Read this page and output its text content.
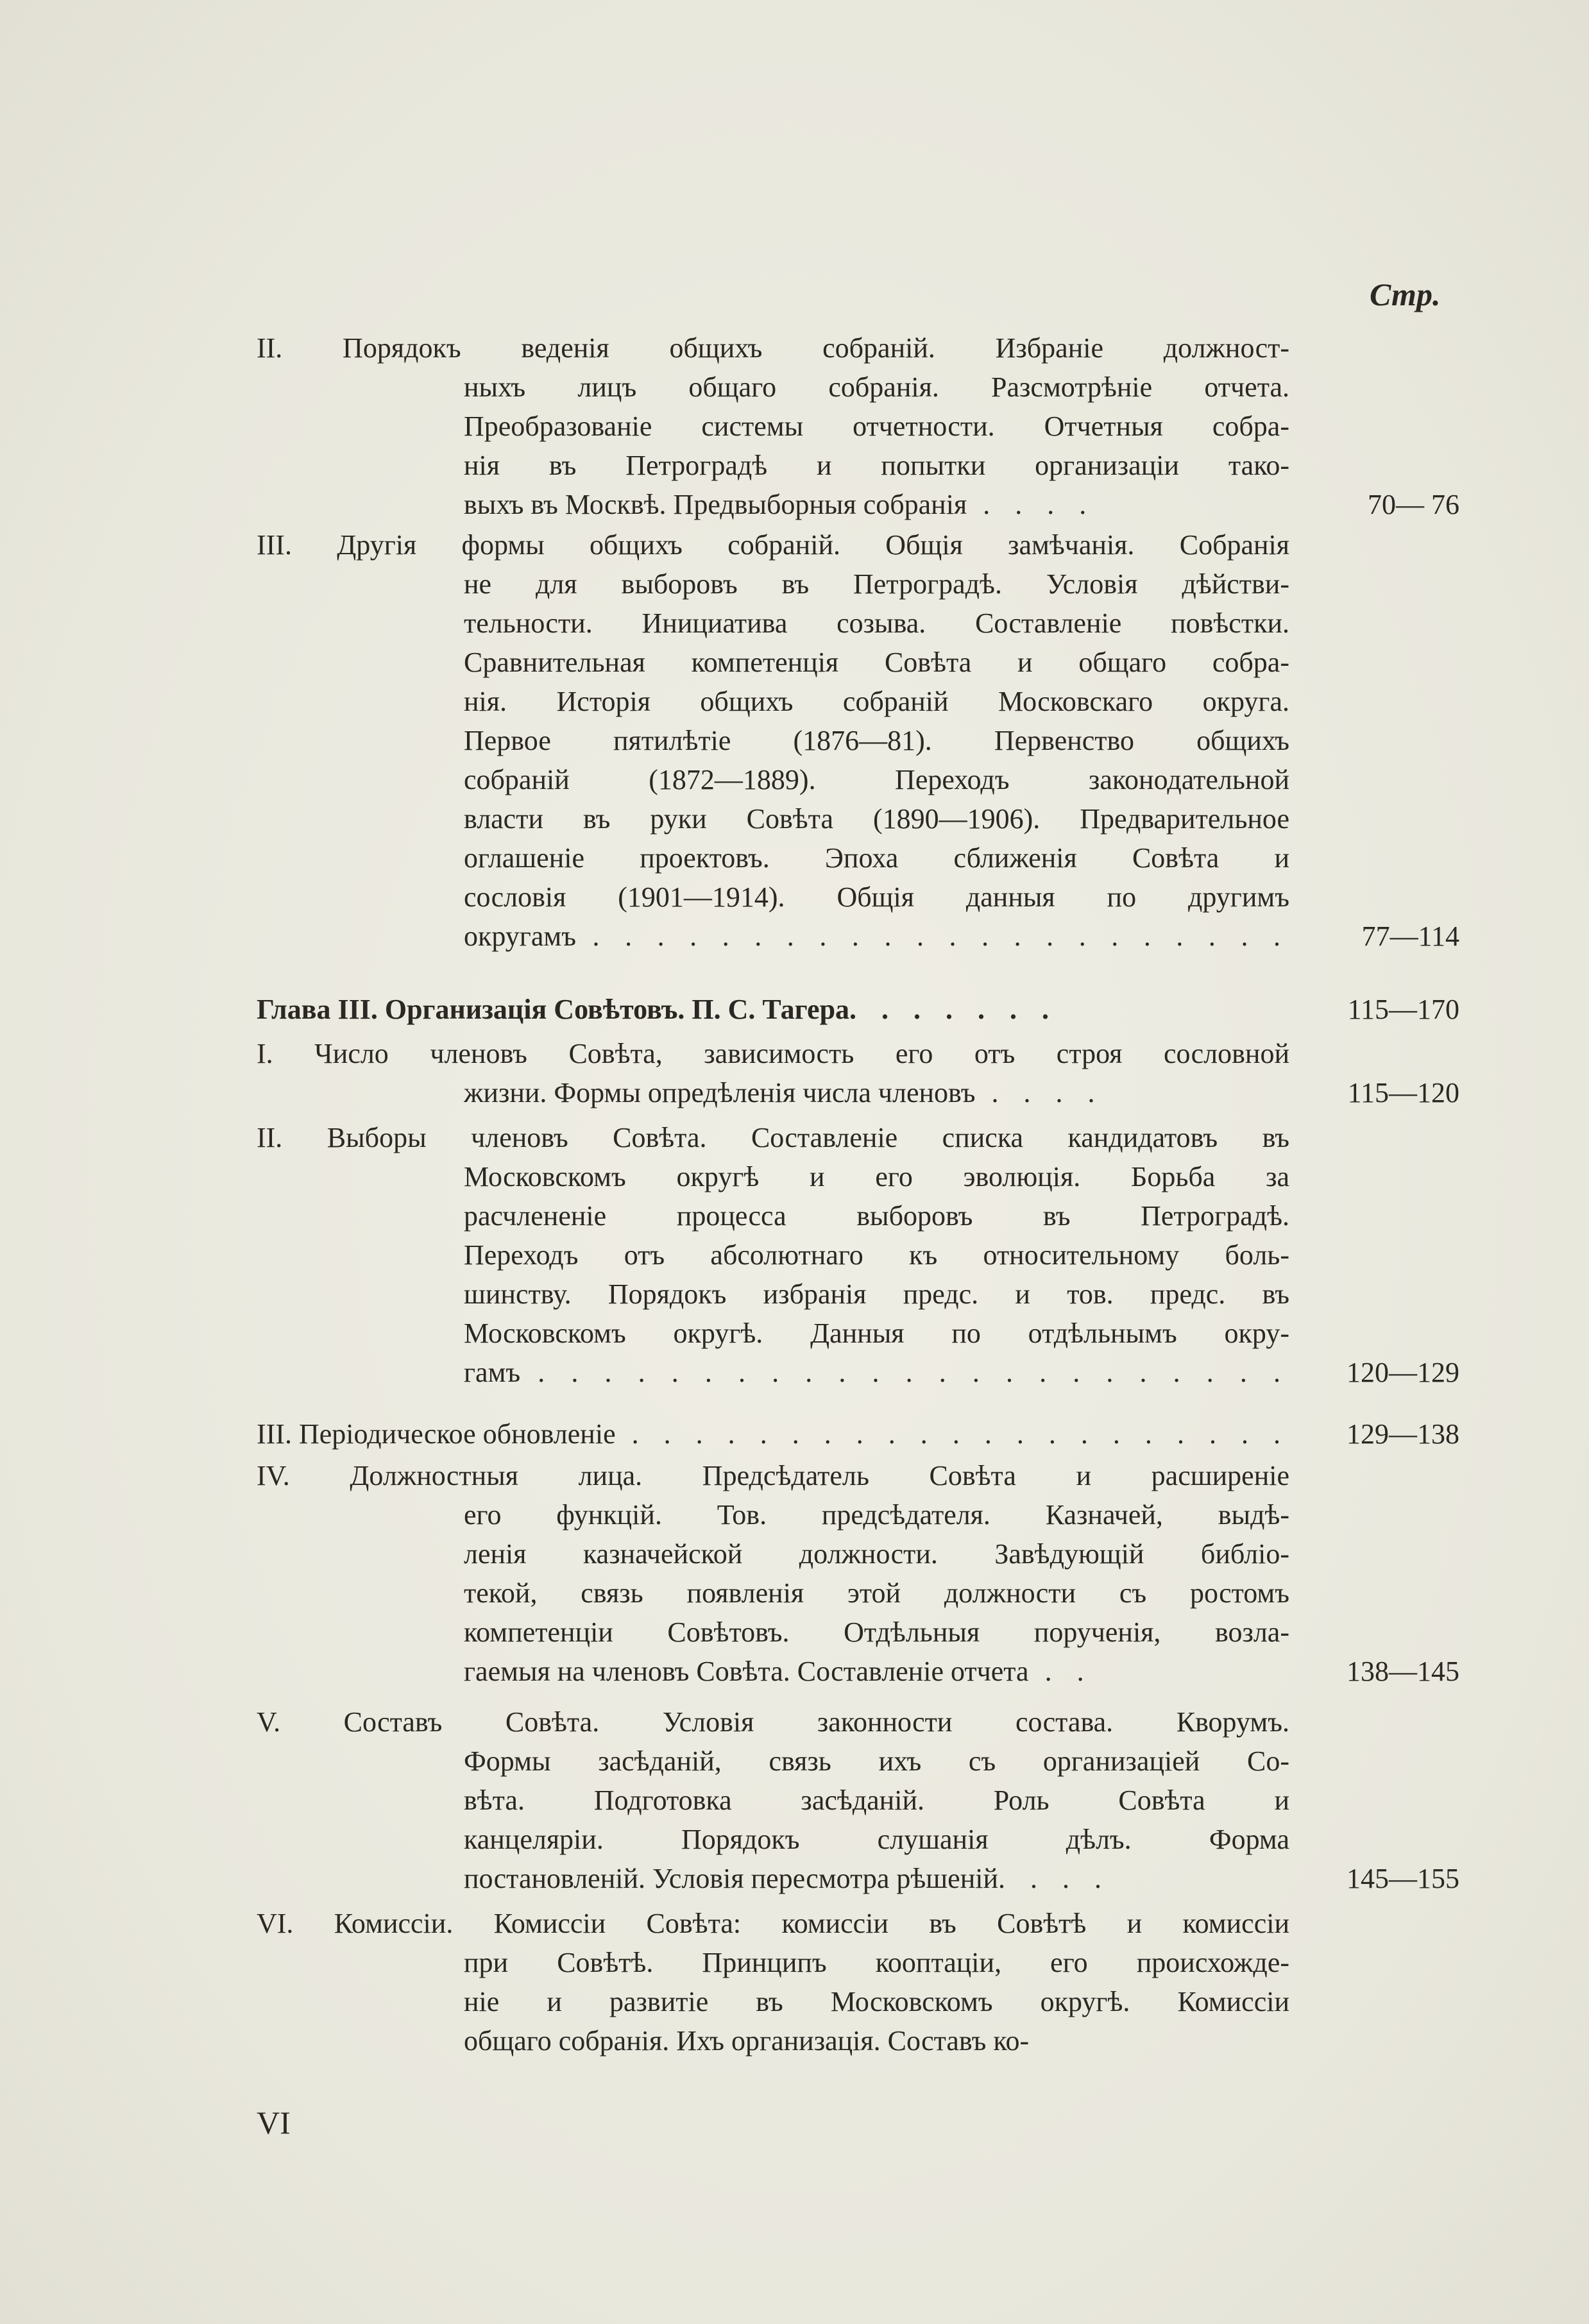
Стр.
II. Порядокъ веденія общихъ собраній. Избраніе должност-
ныхъ лицъ общаго собранія. Разсмотрѣніе отчета.
Преобразованіе системы отчетности. Отчетныя собра-
нія въ Петроградѣ и попытки организаціи тако-
выхъ въ Москвѣ. Предвыборныя собранія . . . .	70— 76
III. Другія формы общихъ собраній. Общія замѣчанія. Собранія
не для выборовъ въ Петроградѣ. Условія дѣйстви-
тельности. Инициатива созыва. Составленіе повѣстки.
Сравнительная компетенція Совѣта и общаго собра-
нія. Исторія общихъ собраній Московскаго округа.
Первое пятилѣтіе (1876—81). Первенство общихъ
собраній (1872—1889). Переходъ законодательной
власти въ руки Совѣта (1890—1906). Предварительное
оглашеніе проектовъ. Эпоха сближенія Совѣта и
сословія (1901—1914). Общія данныя по другимъ
округамъ . . . . . . . . . . . . . . . . . . . . . .	77—114
Глава III. Организація Совѣтовъ. П. С. Тагера. . . . . . .	115—170
I. Число членовъ Совѣта, зависимость его отъ строя сословной
жизни. Формы опредѣленія числа членовъ . . . .	115—120
II. Выборы членовъ Совѣта. Составленіе списка кандидатовъ въ
Московскомъ округѣ и его эволюція. Борьба за
расчлененіе процесса выборовъ въ Петроградѣ.
Переходъ отъ абсолютнаго къ относительному боль-
шинству. Порядокъ избранія предс. и тов. предс. въ
Московскомъ округѣ. Данныя по отдѣльнымъ окру-
гамъ . . . . . . . . . . . . . . . . . . . . . . . 120—129
III. Періодическое обновленіе . . . . . . . . . . . . . . . . . . . . . 129—138
IV. Должностныя лица. Предсѣдатель Совѣта и расширеніе
его функцій. Тов. предсѣдателя. Казначей, выдѣ-
ленія казначейской должности. Завѣдующій библіо-
текой, связь появленія этой должности съ ростомъ
компетенціи Совѣтовъ. Отдѣльныя порученія, возла-
гаемыя на членовъ Совѣта. Составленіе отчета . .	138—145
V. Составъ Совѣта. Условія законности состава. Кворумъ.
Формы засѣданій, связь ихъ съ организаціей Со-
вѣта. Подготовка засѣданій. Роль Совѣта и
канцеляріи. Порядокъ слушанія дѣлъ. Форма
постановленій. Условія пересмотра рѣшеній. . . .	145—155
VI. Комиссіи. Комиссіи Совѣта: комиссіи въ Совѣтѣ и комиссіи
при Совѣтѣ. Принципъ кооптаціи, его происхожде-
ніе и развитіе въ Московскомъ округѣ. Комиссіи
общаго собранія. Ихъ организація. Составъ ко-
VI
